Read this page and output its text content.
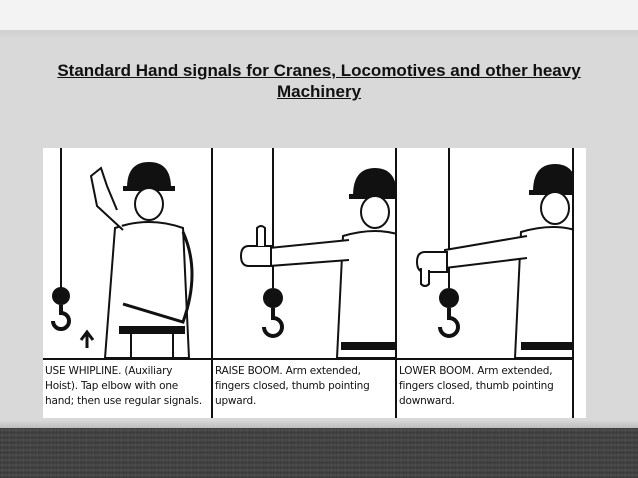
Standard Hand signals for Cranes, Locomotives and other heavy Machinery
USE WHIPLINE. (Auxiliary
Hoist). Tap elbow with one
hand; then use regular signals.
RAISE BOOM. Arm extended,
fingers closed, thumb pointing
upward.
LOWER BOOM. Arm extended,
fingers closed, thumb pointing
downward.
